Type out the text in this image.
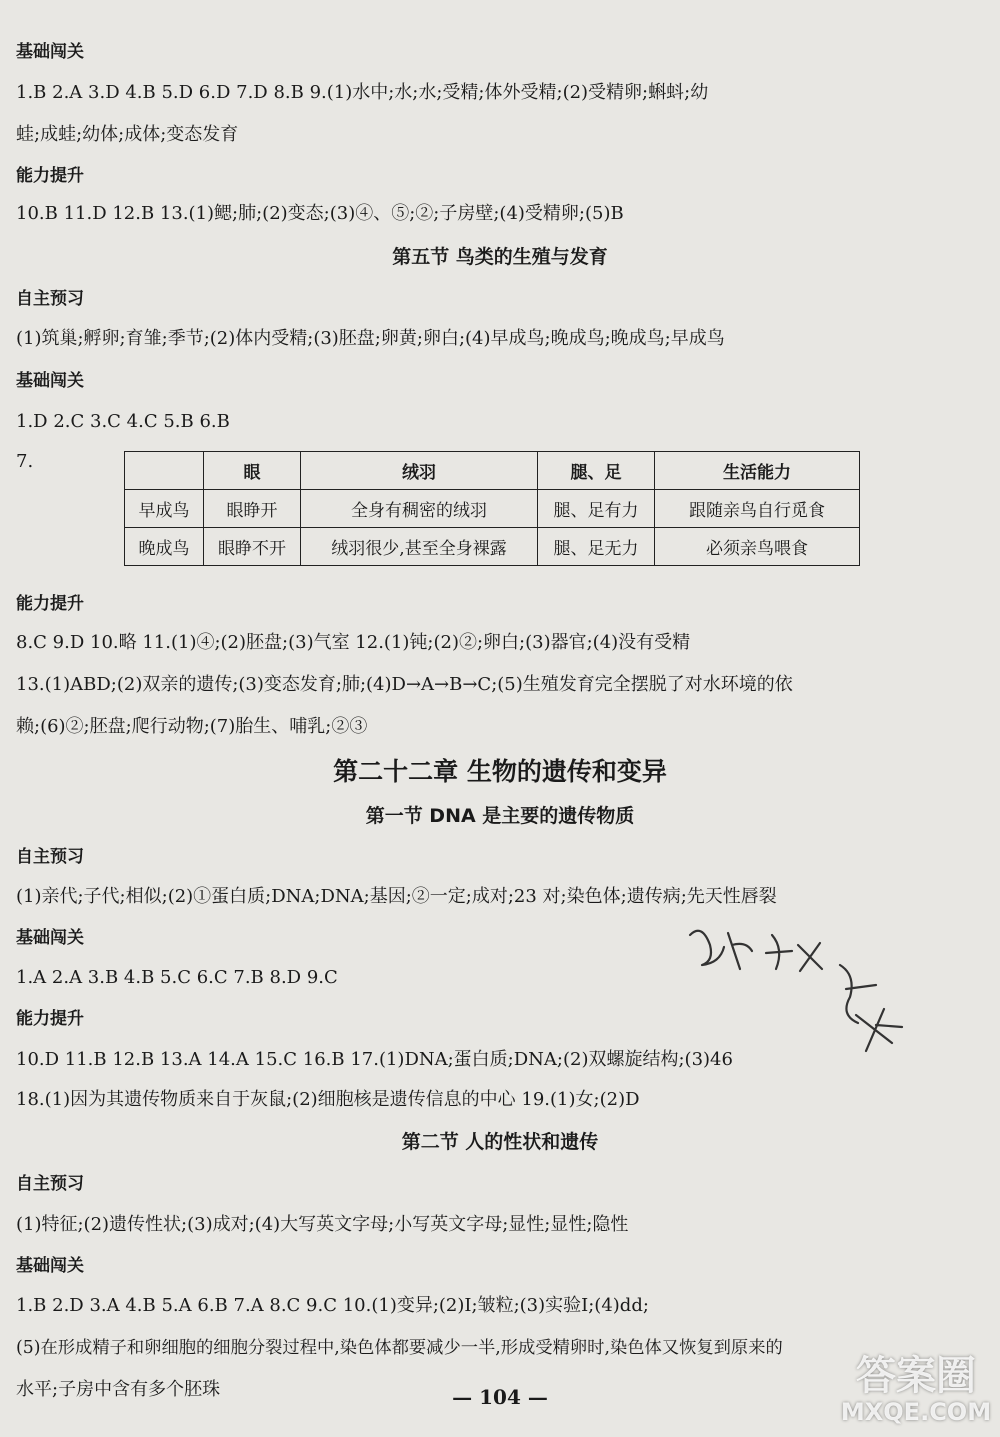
基础闯关
1.B 2.A 3.D 4.B 5.D 6.D 7.D 8.B 9.(1)水中;水;水;受精;体外受精;(2)受精卵;蝌蚪;幼
蛙;成蛙;幼体;成体;变态发育
能力提升
10.B 11.D 12.B 13.(1)鳃;肺;(2)变态;(3)④、⑤;②;子房壁;(4)受精卵;(5)B
第五节 鸟类的生殖与发育
自主预习
(1)筑巢;孵卵;育雏;季节;(2)体内受精;(3)胚盘;卵黄;卵白;(4)早成鸟;晚成鸟;晚成鸟;早成鸟
基础闯关
1.D 2.C 3.C 4.C 5.B 6.B
7.
	眼	绒羽	腿、足	生活能力
早成鸟	眼睁开	全身有稠密的绒羽	腿、足有力	跟随亲鸟自行觅食
晚成鸟	眼睁不开	绒羽很少,甚至全身裸露	腿、足无力	必须亲鸟喂食
能力提升
8.C 9.D 10.略 11.(1)④;(2)胚盘;(3)气室 12.(1)钝;(2)②;卵白;(3)器官;(4)没有受精
13.(1)ABD;(2)双亲的遗传;(3)变态发育;肺;(4)D→A→B→C;(5)生殖发育完全摆脱了对水环境的依
赖;(6)②;胚盘;爬行动物;(7)胎生、哺乳;②③
第二十二章 生物的遗传和变异
第一节 DNA 是主要的遗传物质
自主预习
(1)亲代;子代;相似;(2)①蛋白质;DNA;DNA;基因;②一定;成对;23 对;染色体;遗传病;先天性唇裂
基础闯关
1.A 2.A 3.B 4.B 5.C 6.C 7.B 8.D 9.C
能力提升
10.D 11.B 12.B 13.A 14.A 15.C 16.B 17.(1)DNA;蛋白质;DNA;(2)双螺旋结构;(3)46
18.(1)因为其遗传物质来自于灰鼠;(2)细胞核是遗传信息的中心 19.(1)女;(2)D
第二节 人的性状和遗传
自主预习
(1)特征;(2)遗传性状;(3)成对;(4)大写英文字母;小写英文字母;显性;显性;隐性
基础闯关
1.B 2.D 3.A 4.B 5.A 6.B 7.A 8.C 9.C 10.(1)变异;(2)Ⅰ;皱粒;(3)实验Ⅰ;(4)dd;
(5)在形成精子和卵细胞的细胞分裂过程中,染色体都要减少一半,形成受精卵时,染色体又恢复到原来的
水平;子房中含有多个胚珠	— 104 —	答案圈
MXQE.COM
